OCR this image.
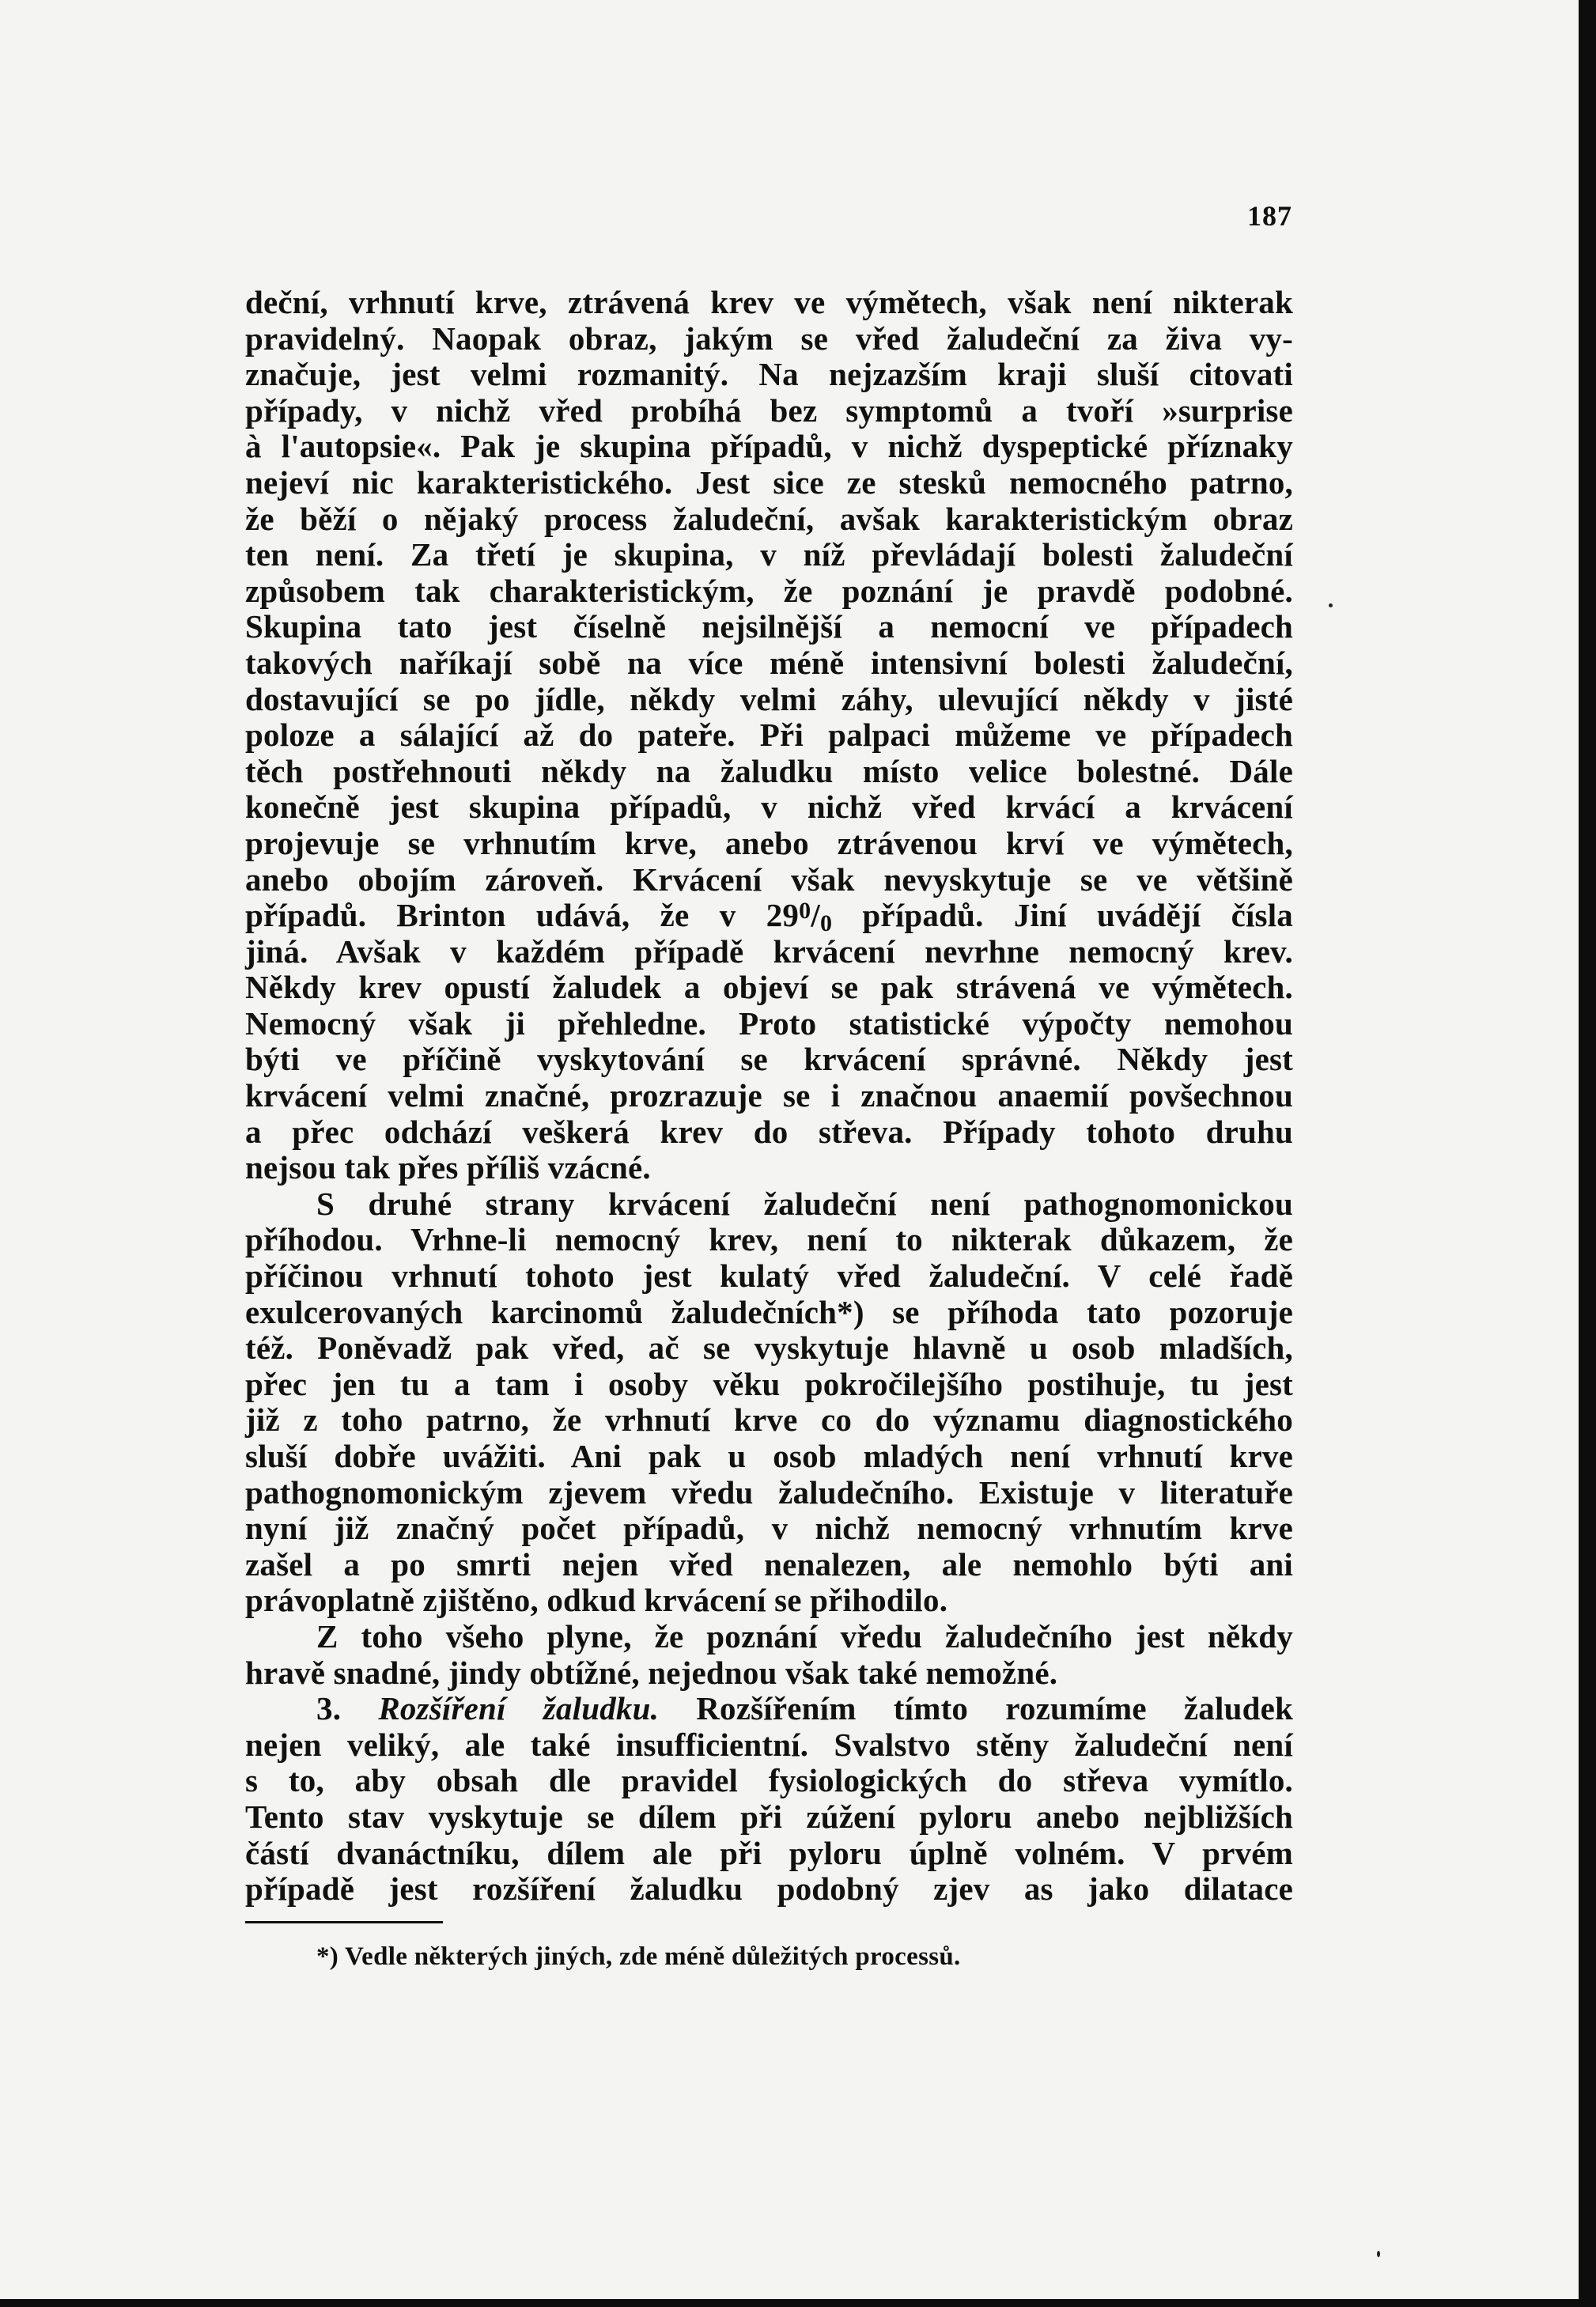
187
deční, vrhnutí krve, ztrávená krev ve výmětech, však není nikterak
pravidelný. Naopak obraz, jakým se vřed žaludeční za živa vy-
značuje, jest velmi rozmanitý. Na nejzazším kraji sluší citovati
případy, v nichž vřed probíhá bez symptomů a tvoří »surprise
à l'autopsie«. Pak je skupina případů, v nichž dyspeptické příznaky
nejeví nic karakteristického. Jest sice ze stesků nemocného patrno,
že běží o nějaký process žaludeční, avšak karakteristickým obraz
ten není. Za třetí je skupina, v níž převládají bolesti žaludeční
způsobem tak charakteristickým, že poznání je pravdě podobné.
Skupina tato jest číselně nejsilnější a nemocní ve případech
takových naříkají sobě na více méně intensivní bolesti žaludeční,
dostavující se po jídle, někdy velmi záhy, ulevující někdy v jisté
poloze a sálající až do pateře. Při palpaci můžeme ve případech
těch postřehnouti někdy na žaludku místo velice bolestné. Dále
konečně jest skupina případů, v nichž vřed krvácí a krvácení
projevuje se vrhnutím krve, anebo ztrávenou krví ve výmětech,
anebo obojím zároveň. Krvácení však nevyskytuje se ve většině
případů. Brinton udává, že v $29^0/_0$ případů. Jiní uvádějí čísla
jiná. Avšak v každém případě krvácení nevrhne nemocný krev.
Někdy krev opustí žaludek a objeví se pak strávená ve výmětech.
Nemocný však ji přehledne. Proto statistické výpočty nemohou
býti ve příčině vyskytování se krvácení správné. Někdy jest
krvácení velmi značné, prozrazuje se i značnou anaemií povšechnou
a přec odchází veškerá krev do střeva. Případy tohoto druhu
nejsou tak přes příliš vzácné.
S druhé strany krvácení žaludeční není pathognomonickou
příhodou. Vrhne-li nemocný krev, není to nikterak důkazem, že
příčinou vrhnutí tohoto jest kulatý vřed žaludeční. V celé řadě
exulcerovaných karcinomů žaludečních*) se příhoda tato pozoruje
též. Poněvadž pak vřed, ač se vyskytuje hlavně u osob mladších,
přec jen tu a tam i osoby věku pokročilejšího postihuje, tu jest
již z toho patrno, že vrhnutí krve co do významu diagnostického
sluší dobře uvážiti. Ani pak u osob mladých není vrhnutí krve
pathognomonickým zjevem vředu žaludečního. Existuje v literatuře
nyní již značný počet případů, v nichž nemocný vrhnutím krve
zašel a po smrti nejen vřed nenalezen, ale nemohlo býti ani
právoplatně zjištěno, odkud krvácení se přihodilo.
Z toho všeho plyne, že poznání vředu žaludečního jest někdy
hravě snadné, jindy obtížné, nejednou však také nemožné.
3. Rozšíření žaludku. Rozšířením tímto rozumíme žaludek
nejen veliký, ale také insufficientní. Svalstvo stěny žaludeční není
s to, aby obsah dle pravidel fysiologických do střeva vymítlo.
Tento stav vyskytuje se dílem při zúžení pyloru anebo nejbližších
částí dvanáctníku, dílem ale při pyloru úplně volném. V prvém
případě jest rozšíření žaludku podobný zjev as jako dilatace
*) Vedle některých jiných, zde méně důležitých processů.
